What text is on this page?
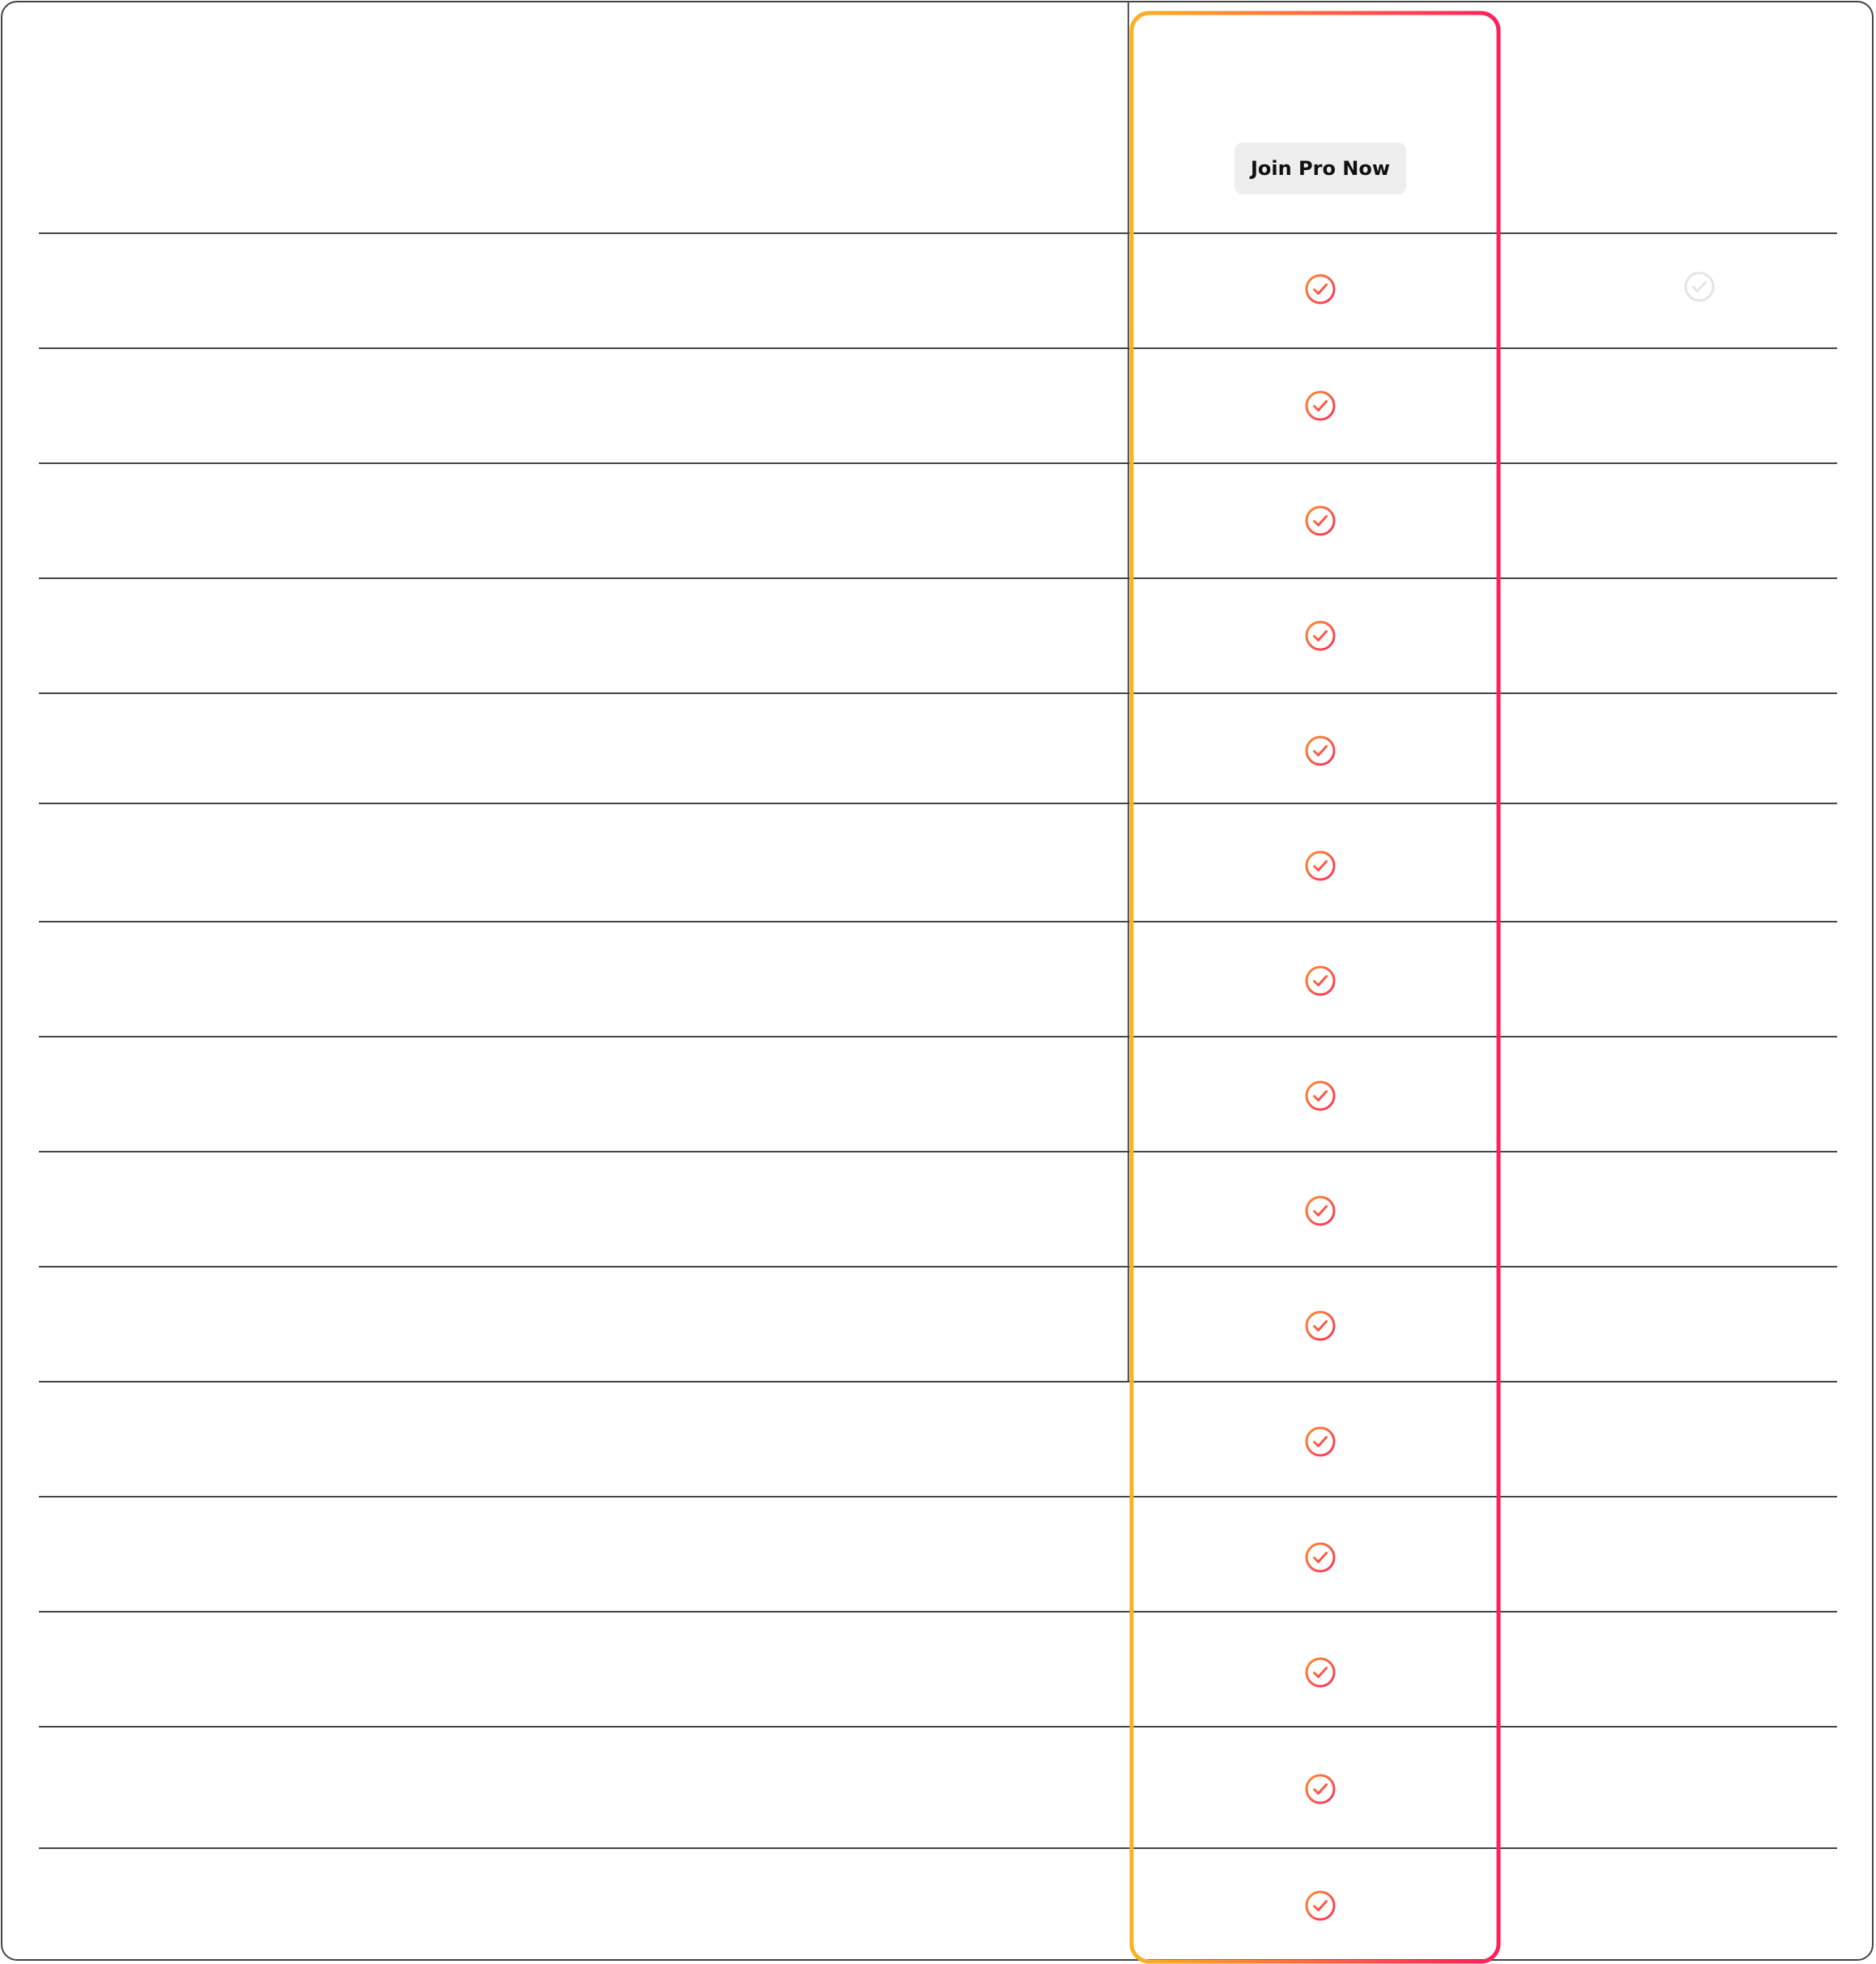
Join Pro Now
